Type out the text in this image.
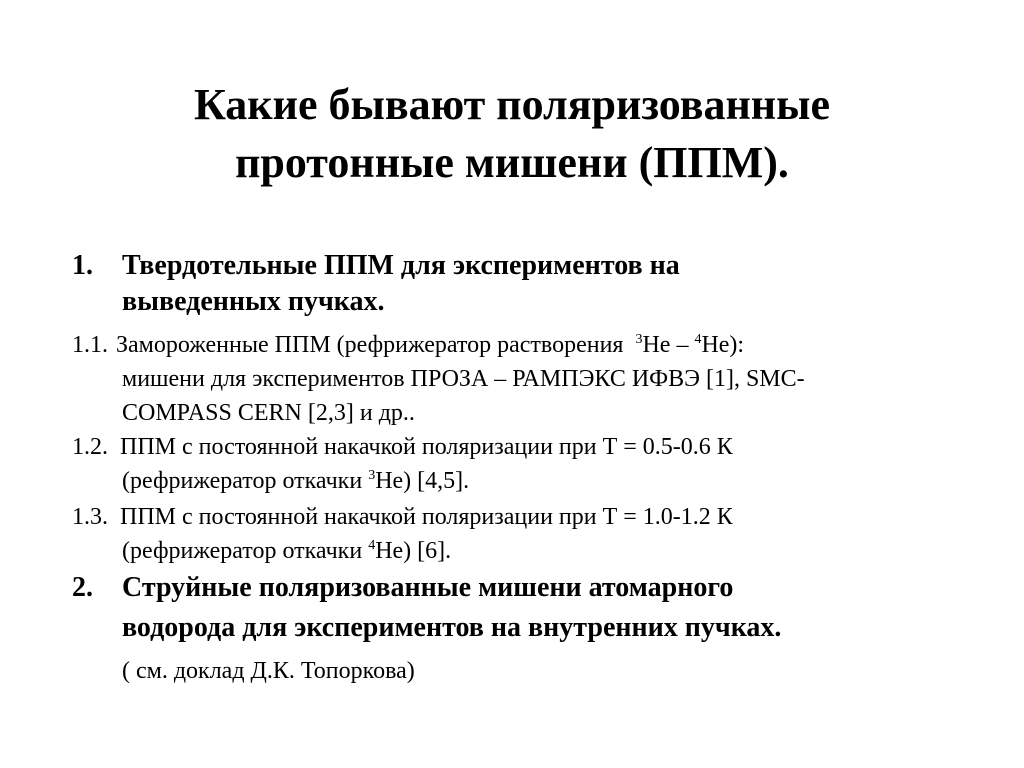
Какие бывают поляризованные
протонные мишени (ППМ).
1. Твердотельные ППМ для экспериментов на
выведенных пучках.
1.1. Замороженные ППМ (рефрижератор растворения  $^3$He – $^4$He):
мишени для экспериментов ПРОЗА – РАМПЭКС ИФВЭ [1], SMC-
COMPASS CERN [2,3] и др..
1.2. ППМ с постоянной накачкой поляризации при Т = 0.5-0.6 К
(рефрижератор откачки $^3$He) [4,5].
1.3. ППМ с постоянной накачкой поляризации при Т = 1.0-1.2 К
(рефрижератор откачки $^4$He) [6].
2. Струйные поляризованные мишени атомарного
водорода для экспериментов на внутренних пучках.
( см. доклад Д.К. Топоркова)
